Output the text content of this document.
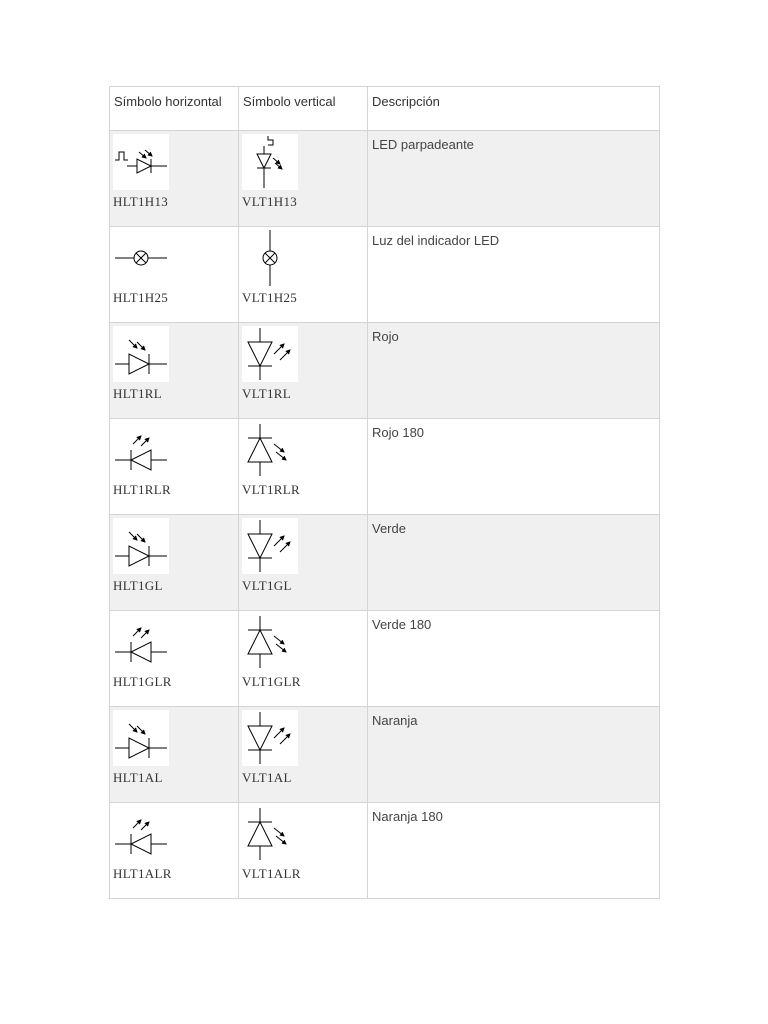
Símbolo horizontal	Símbolo vertical	Descripción

HLT1H13	VLT1H13	LED parpadeante

HLT1H25	VLT1H25	Luz del indicador LED

HLT1RL	VLT1RL	Rojo

HLT1RLR	VLT1RLR	Rojo 180

HLT1GL	VLT1GL	Verde

HLT1GLR	VLT1GLR	Verde 180

HLT1AL	VLT1AL	Naranja

HLT1ALR	VLT1ALR	Naranja 180
